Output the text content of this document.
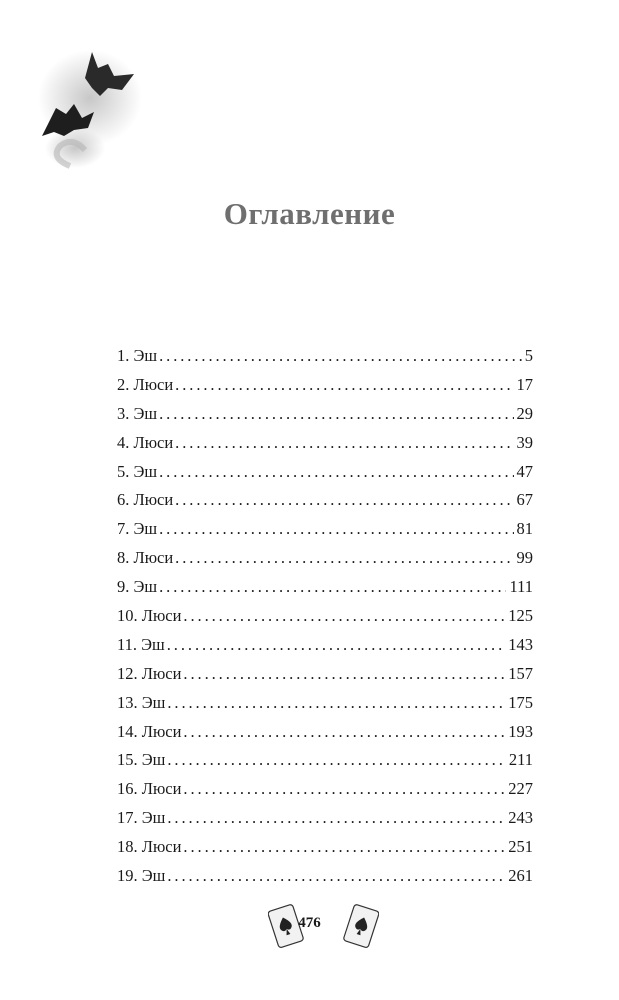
Оглавление
1. Эш . . .	5
2. Люси . . .	17
3. Эш . . .	29
4. Люси . . .	39
5. Эш . . .	47
6. Люси . . .	67
7. Эш . . .	81
8. Люси . . .	99
9. Эш . . .	111
10. Люси . . .	125
11. Эш . . .	143
12. Люси . . .	157
13. Эш . . .	175
14. Люси . . .	193
15. Эш . . .	211
16. Люси . . .	227
17. Эш . . .	243
18. Люси . . .	251
19. Эш . . .	261
476
